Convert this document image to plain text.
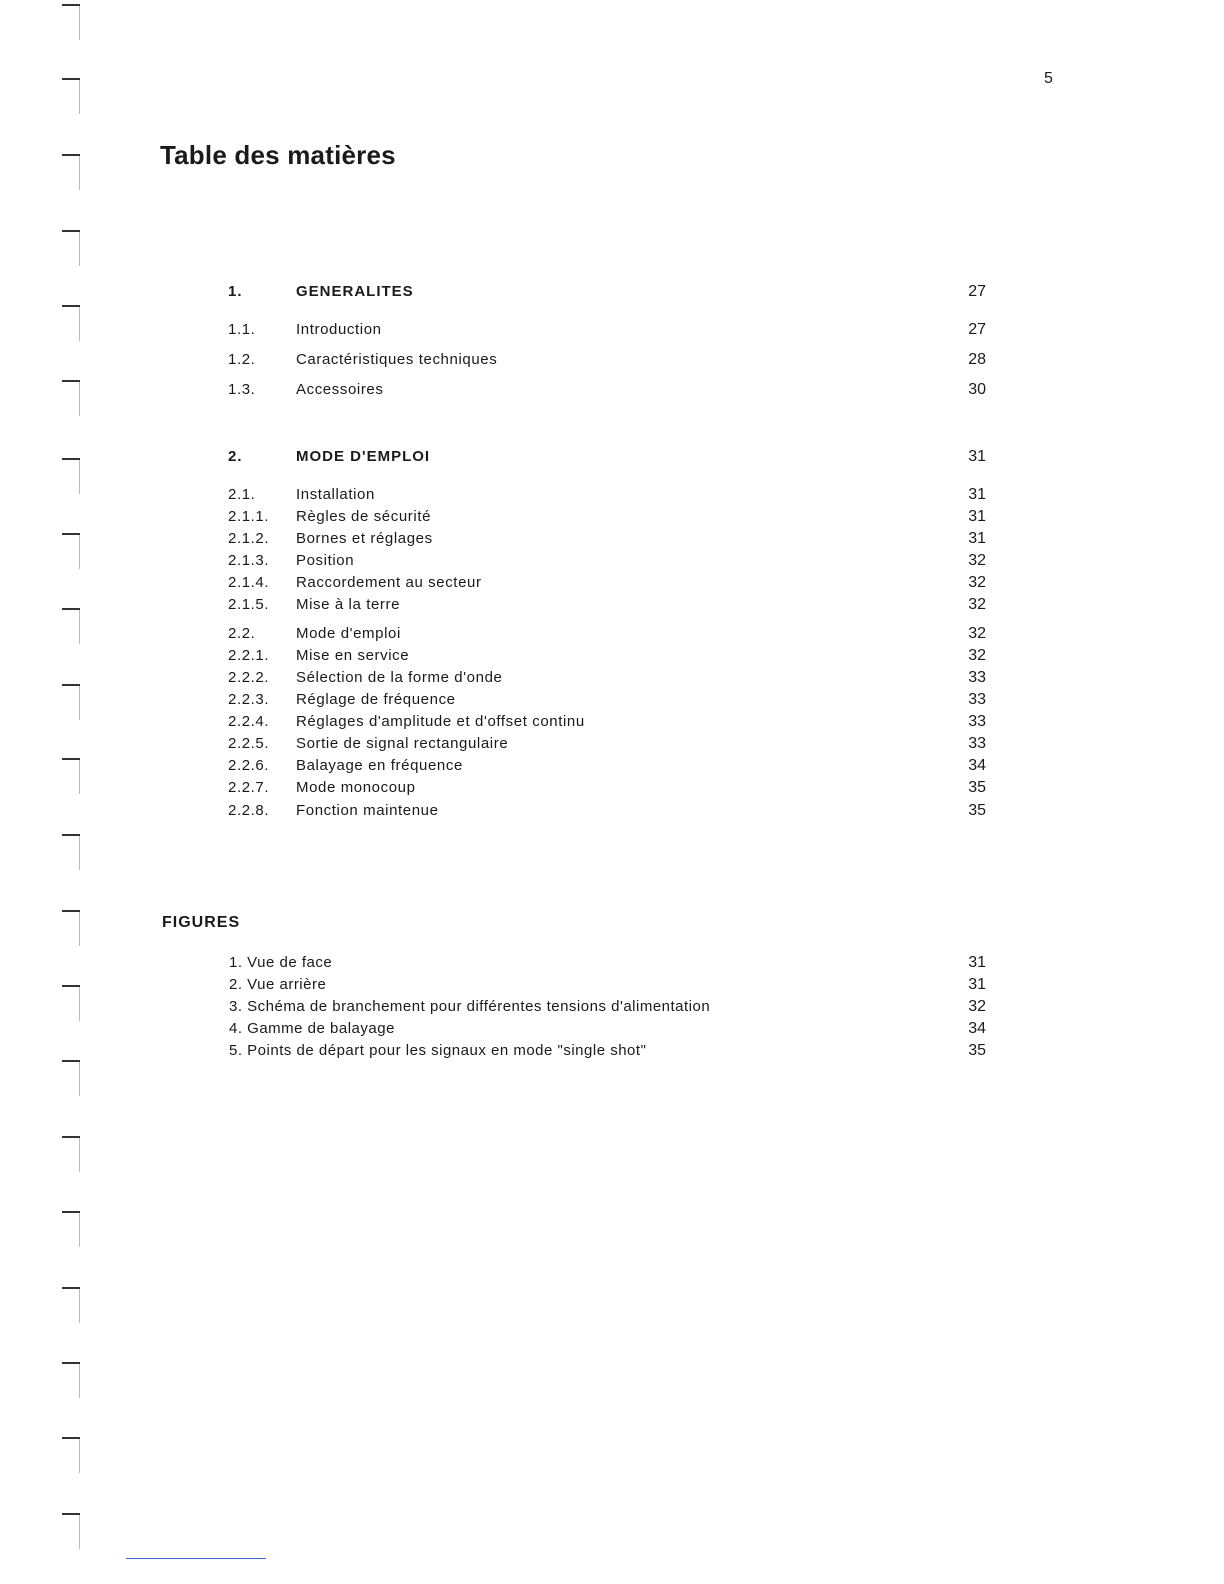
5
Table des matières
1.	GENERALITES	27
1.1.	Introduction	27
1.2.	Caractéristiques techniques	28
1.3.	Accessoires	30
2.	MODE D'EMPLOI	31
2.1.	Installation	31
2.1.1. Règles de sécurité	31
2.1.2. Bornes et réglages	31
2.1.3. Position	32
2.1.4. Raccordement au secteur	32
2.1.5. Mise à la terre	32
2.2.	Mode d'emploi	32
2.2.1. Mise en service	32
2.2.2. Sélection de la forme d'onde	33
2.2.3. Réglage de fréquence	33
2.2.4. Réglages d'amplitude et d'offset continu	33
2.2.5. Sortie de signal rectangulaire	33
2.2.6. Balayage en fréquence	34
2.2.7. Mode monocoup	35
2.2.8. Fonction maintenue	35
FIGURES
1. Vue de face	31
2. Vue arrière	31
3. Schéma de branchement pour différentes tensions d'alimentation	32
4. Gamme de balayage	34
5. Points de départ pour les signaux en mode "single shot"	35
